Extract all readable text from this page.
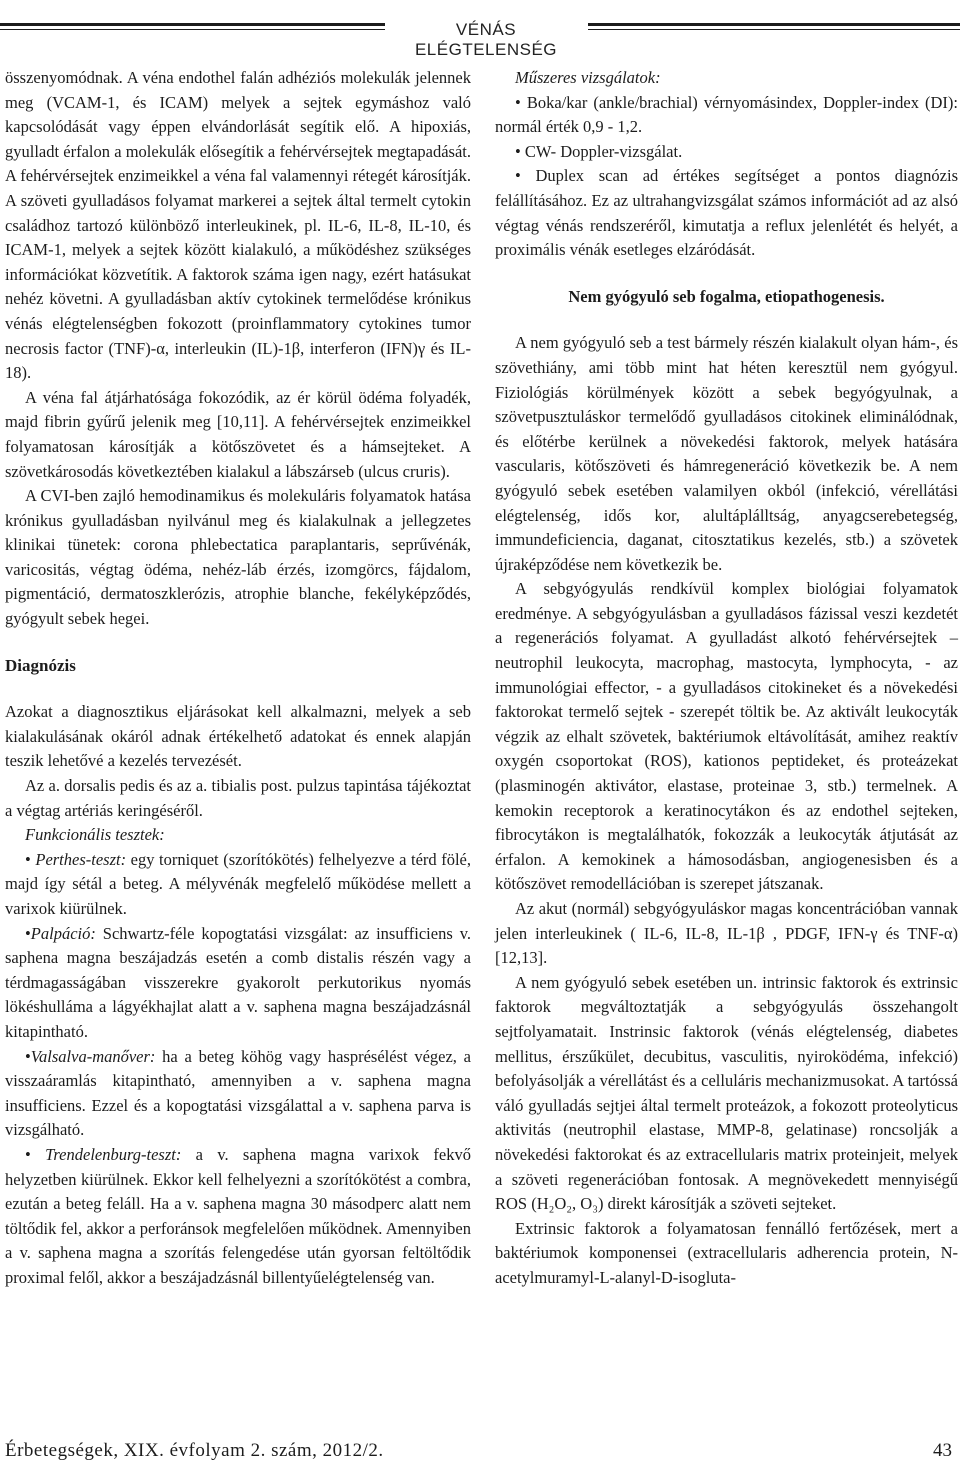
VÉNÁS ELÉGTELENSÉG

összenyomódnak. A véna endothel falán adhéziós molekulák jelennek meg (VCAM-1, és ICAM) melyek a sejtek egymáshoz való kapcsolódását vagy éppen elvándorlását segítik elő. A hipoxiás, gyulladt érfalon a molekulák elősegítik a fehérvérsejtek megtapadását. A fehérvérsejtek enzimeikkel a véna fal valamennyi rétegét károsítják. A szöveti gyulladásos folyamat markerei a sejtek által termelt cytokin családhoz tartozó különböző interleukinek, pl. IL-6, IL-8, IL-10, és ICAM-1, melyek a sejtek között kialakuló, a működéshez szükséges információkat közvetítik. A faktorok száma igen nagy, ezért hatásukat nehéz követni. A gyulladásban aktív cytokinek termelődése krónikus vénás elégtelenségben fokozott (proinflammatory cytokines tumor necrosis factor (TNF)-α, interleukin (IL)-1β, interferon (IFN)γ és IL-18).

A véna fal átjárhatósága fokozódik, az ér körül ödéma folyadék, majd fibrin gyűrű jelenik meg [10,11]. A fehérvérsejtek enzimeikkel folyamatosan károsítják a kötőszövetet és a hámsejteket. A szövetkárosodás következtében kialakul a lábszárseb (ulcus cruris).

A CVI-ben zajló hemodinamikus és molekuláris folyamatok hatása krónikus gyulladásban nyilvánul meg és kialakulnak a jellegzetes klinikai tünetek: corona phlebectatica paraplantaris, seprűvénák, varicositás, végtag ödéma, nehéz-láb érzés, izomgörcs, fájdalom, pigmentáció, dermatoszklerózis, atrophie blanche, fekélyképződés, gyógyult sebek hegei.

Diagnózis

Azokat a diagnosztikus eljárásokat kell alkalmazni, melyek a seb kialakulásának okáról adnak értékelhető adatokat és ennek alapján teszik lehetővé a kezelés tervezését.

Az a. dorsalis pedis és az a. tibialis post. pulzus tapintása tájékoztat a végtag artériás keringéséről.

Funkcionális tesztek:

• Perthes-teszt: egy torniquet (szorítókötés) felhelyezve a térd fölé, majd így sétál a beteg. A mélyvénák megfelelő működése mellett a varixok kiürülnek.

•Palpáció: Schwartz-féle kopogtatási vizsgálat: az insufficiens v. saphena magna beszájadzás esetén a comb distalis részén vagy a térdmagasságában visszerekre gyakorolt perkutorikus nyomás lökéshulláma a lágyékhajlat alatt a v. saphena magna beszájadzásnál kitapintható.

•Valsalva-manőver: ha a beteg köhög vagy hasprésélést végez, a visszaáramlás kitapintható, amennyiben a v. saphena magna insufficiens. Ezzel és a kopogtatási vizsgálattal a v. saphena parva is vizsgálható.

• Trendelenburg-teszt: a v. saphena magna varixok fekvő helyzetben kiürülnek. Ekkor kell felhelyezni a szorítókötést a combra, ezután a beteg feláll. Ha a v. saphena magna 30 másodperc alatt nem töltődik fel, akkor a perforánsok megfelelően működnek. Amennyiben a v. saphena magna a szorítás felengedése után gyorsan feltöltődik proximal felől, akkor a beszájadzásnál billentyűelégtelenség van.

Műszeres vizsgálatok:

• Boka/kar (ankle/brachial) vérnyomásindex, Doppler-index (DI): normál érték 0,9 - 1,2.

• CW- Doppler-vizsgálat.

• Duplex scan ad értékes segítséget a pontos diagnózis felállításához. Ez az ultrahangvizsgálat számos információt ad az alsó végtag vénás rendszeréről, kimutatja a reflux jelenlétét és helyét, a proximális vénák esetleges elzáródását.

Nem gyógyuló seb fogalma, etiopathogenesis.

A nem gyógyuló seb a test bármely részén kialakult olyan hám-, és szövethiány, ami több mint hat héten keresztül nem gyógyul. Fiziológiás körülmények között a sebek begyógyulnak, a szövetpusztuláskor termelődő gyulladásos citokinek eliminálódnak, és előtérbe kerülnek a növekedési faktorok, melyek hatására vascularis, kötőszöveti és hámregeneráció következik be. A nem gyógyuló sebek esetében valamilyen okból (infekció, vérellátási elégtelenség, idős kor, alultáplálltság, anyagcserebetegség, immundeficiencia, daganat, citosztatikus kezelés, stb.) a szövetek újraképződése nem következik be.

A sebgyógyulás rendkívül komplex biológiai folyamatok eredménye. A sebgyógyulásban a gyulladásos fázissal veszi kezdetét a regenerációs folyamat. A gyulladást alkotó fehérvérsejtek – neutrophil leukocyta, macrophag, mastocyta, lymphocyta, - az immunológiai effector, - a gyulladásos citokineket és a növekedési faktorokat termelő sejtek - szerepét töltik be. Az aktivált leukocyták végzik az elhalt szövetek, baktériumok eltávolítását, amihez reaktív oxygén csoportokat (ROS), kationos peptideket, és proteázekat (plasminogén aktivátor, elastase, proteinae 3, stb.) termelnek. A kemokin receptorok a keratinocytákon és az endothel sejteken, fibrocytákon is megtalálhatók, fokozzák a leukocyták átjutását az érfalon. A kemokinek a hámosodásban, angiogenesisben és a kötőszövet remodellációban is szerepet játszanak.

Az akut (normál) sebgyógyuláskor magas koncentrációban vannak jelen interleukinek ( IL-6, IL-8, IL-1β , PDGF, IFN-γ és TNF-α) [12,13].

A nem gyógyuló sebek esetében un. intrinsic faktorok és extrinsic faktorok megváltoztatják a sebgyógyulás összehangolt sejtfolyamatait. Instrinsic faktorok (vénás elégtelenség, diabetes mellitus, érszűkület, decubitus, vasculitis, nyiroködéma, infekció) befolyásolják a vérellátást és a celluláris mechanizmusokat. A tartóssá váló gyulladás sejtjei által termelt proteázok, a fokozott proteolyticus aktivitás (neutrophil elastase, MMP-8, gelatinase) roncsolják a növekedési faktorokat és az extracellularis matrix proteinjeit, melyek a szöveti regenerációban fontosak. A megnövekedett mennyiségű ROS (H₂O₂, O₃) direkt károsítják a szöveti sejteket.

Extrinsic faktorok a folyamatosan fennálló fertőzések, mert a baktériumok komponensei (extracellularis adherencia protein, N-acetylmuramyl-L-alanyl-D-isogluta-

Érbetegségek, XIX. évfolyam 2. szám, 2012/2.	43
